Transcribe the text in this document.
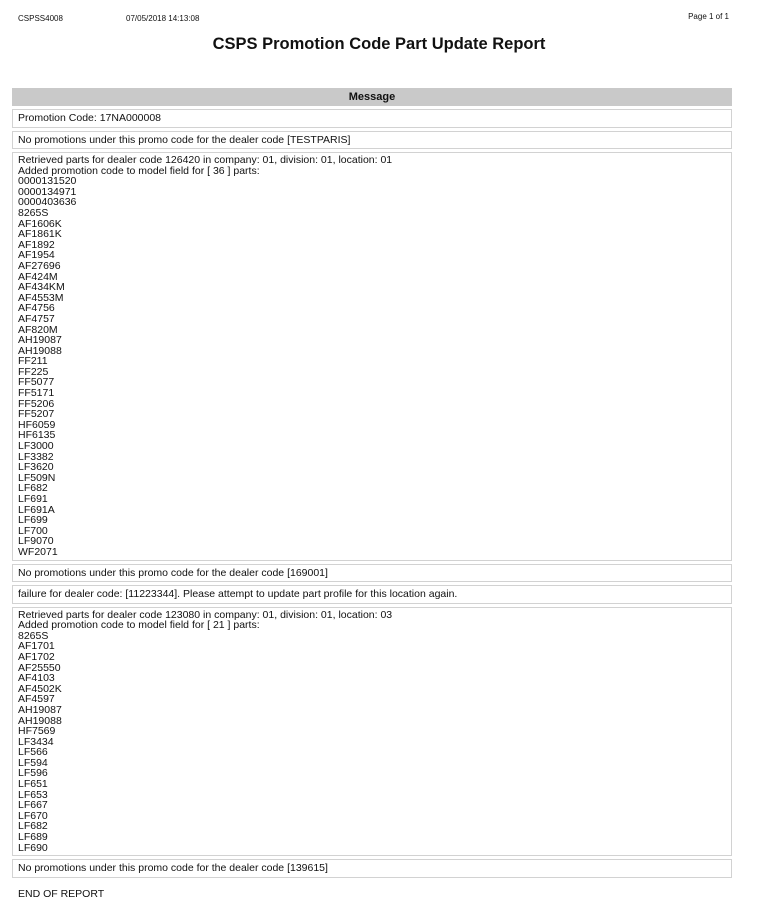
CSPSS4008	07/05/2018 14:13:08	Page 1 of 1
CSPS Promotion Code Part Update Report
Message

Promotion Code: 17NA000008

No promotions under this promo code for the dealer code [TESTPARIS]

Retrieved parts for dealer code 126420 in company: 01, division: 01, location: 01
Added promotion code to model field for [ 36 ] parts:
0000131520
0000134971
0000403636
8265S
AF1606K
AF1861K
AF1892
AF1954
AF27696
AF424M
AF434KM
AF4553M
AF4756
AF4757
AF820M
AH19087
AH19088
FF211
FF225
FF5077
FF5171
FF5206
FF5207
HF6059
HF6135
LF3000
LF3382
LF3620
LF509N
LF682
LF691
LF691A
LF699
LF700
LF9070
WF2071

No promotions under this promo code for the dealer code [169001]

failure for dealer code: [11223344]. Please attempt to update part profile for this location again.

Retrieved parts for dealer code 123080 in company: 01, division: 01, location: 03
Added promotion code to model field for [ 21 ] parts:
8265S
AF1701
AF1702
AF25550
AF4103
AF4502K
AF4597
AH19087
AH19088
HF7569
LF3434
LF566
LF594
LF596
LF651
LF653
LF667
LF670
LF682
LF689
LF690

No promotions under this promo code for the dealer code [139615]
END OF REPORT
